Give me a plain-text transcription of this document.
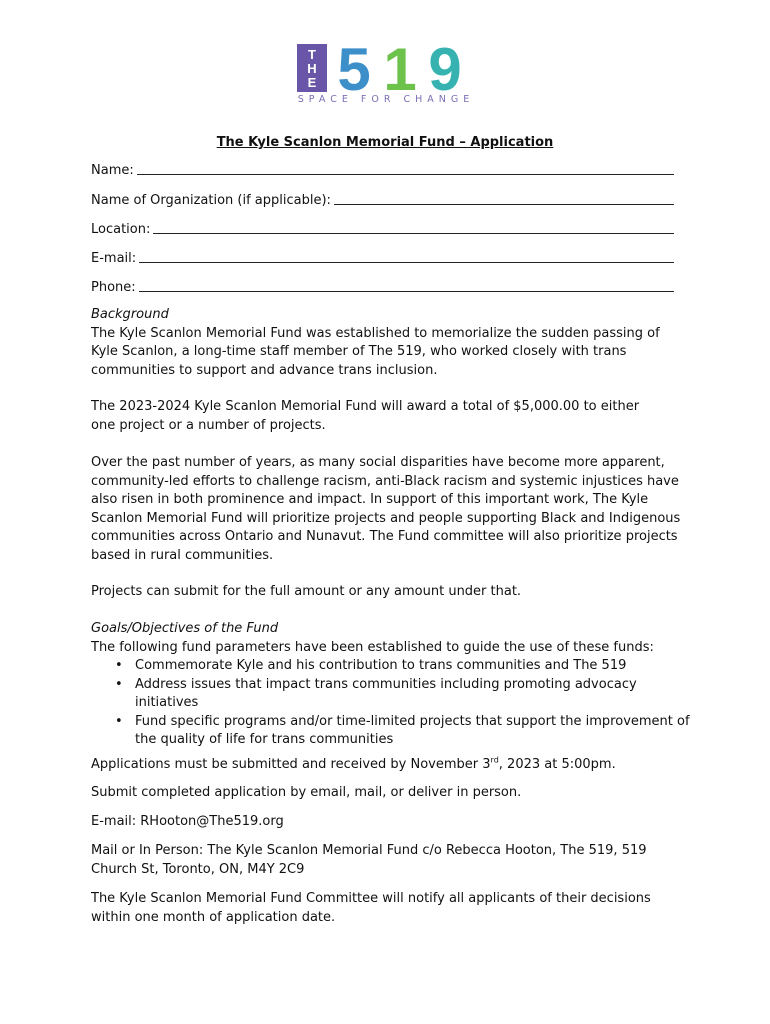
T
H
E 5 1 9
SPACE FOR CHANGE
The Kyle Scanlon Memorial Fund – Application
Name:
Name of Organization (if applicable):
Location:
E-mail:
Phone:

Background

The Kyle Scanlon Memorial Fund was established to memorialize the sudden passing of Kyle Scanlon, a long-time staff member of The 519, who worked closely with trans communities to support and advance trans inclusion.

The 2023-2024 Kyle Scanlon Memorial Fund will award a total of $5,000.00 to either one project or a number of projects.
Over the past number of years, as many social disparities have become more apparent, community-led efforts to challenge racism, anti-Black racism and systemic injustices have also risen in both prominence and impact. In support of this important work, The Kyle Scanlon Memorial Fund will prioritize projects and people supporting Black and Indigenous communities across Ontario and Nunavut. The Fund committee will also prioritize projects based in rural communities.
Projects can submit for the full amount or any amount under that.

Goals/Objectives of the Fund

The following fund parameters have been established to guide the use of these funds:

• Commemorate Kyle and his contribution to trans communities and The 519
• Address issues that impact trans communities including promoting advocacy initiatives
• Fund specific programs and/or time-limited projects that support the improvement of the quality of life for trans communities
Applications must be submitted and received by November 3rd, 2023 at 5:00pm.
Submit completed application by email, mail, or deliver in person.
E-mail: RHooton@The519.org
Mail or In Person: The Kyle Scanlon Memorial Fund c/o Rebecca Hooton, The 519, 519 Church St, Toronto, ON, M4Y 2C9
The Kyle Scanlon Memorial Fund Committee will notify all applicants of their decisions within one month of application date.
